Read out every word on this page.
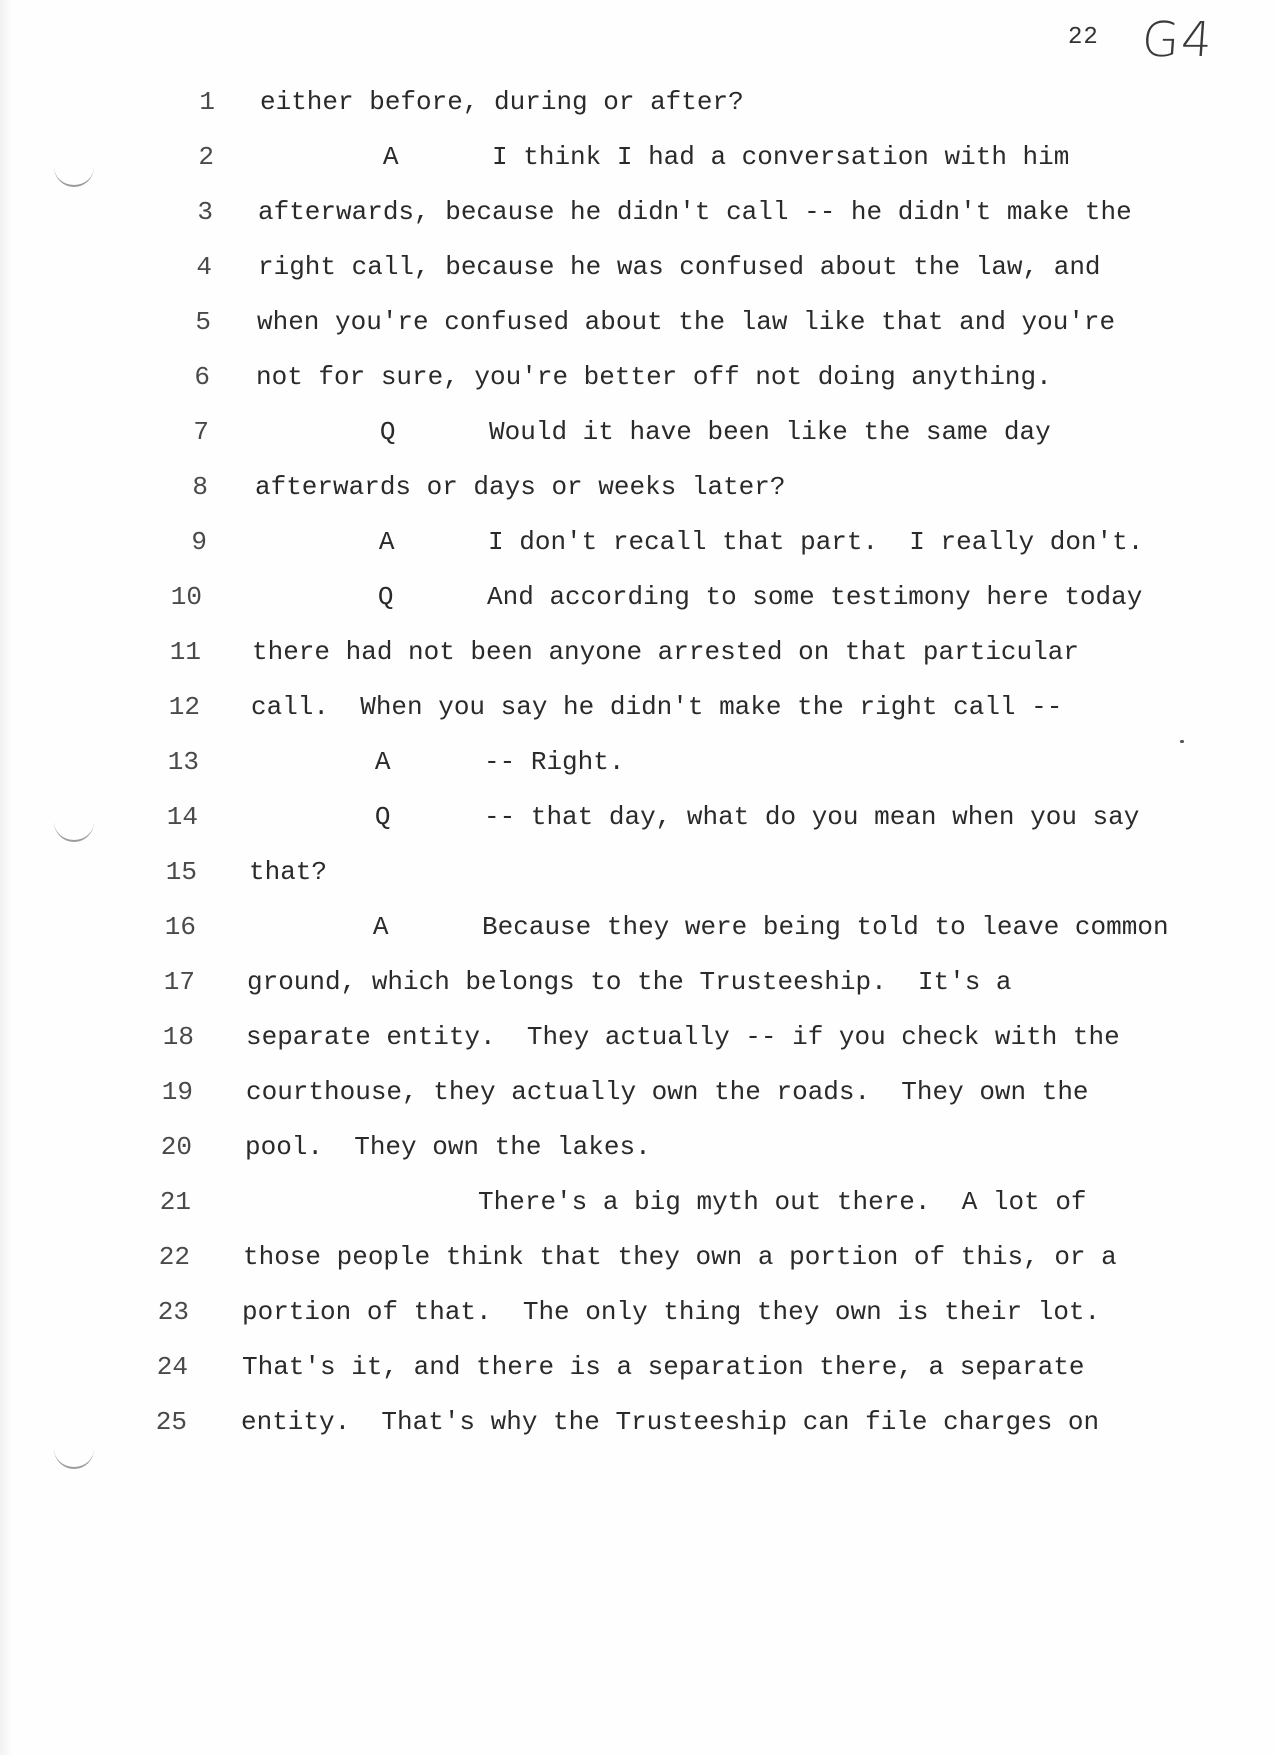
22 G4
1 either before, during or after?
2 A      I think I had a conversation with him
3 afterwards, because he didn't call -- he didn't make the
4 right call, because he was confused about the law, and
5 when you're confused about the law like that and you're
6 not for sure, you're better off not doing anything.
7 Q      Would it have been like the same day
8 afterwards or days or weeks later?
9 A      I don't recall that part.  I really don't.
10 Q      And according to some testimony here today
11 there had not been anyone arrested on that particular
12 call.  When you say he didn't make the right call --
13 A      -- Right.
14 Q      -- that day, what do you mean when you say
15 that?
16 A      Because they were being told to leave common
17 ground, which belongs to the Trusteeship.  It's a
18 separate entity.  They actually -- if you check with the
19 courthouse, they actually own the roads.  They own the
20 pool.  They own the lakes.
21 There's a big myth out there.  A lot of
22 those people think that they own a portion of this, or a
23 portion of that.  The only thing they own is their lot.
24 That's it, and there is a separation there, a separate
25 entity.  That's why the Trusteeship can file charges on
